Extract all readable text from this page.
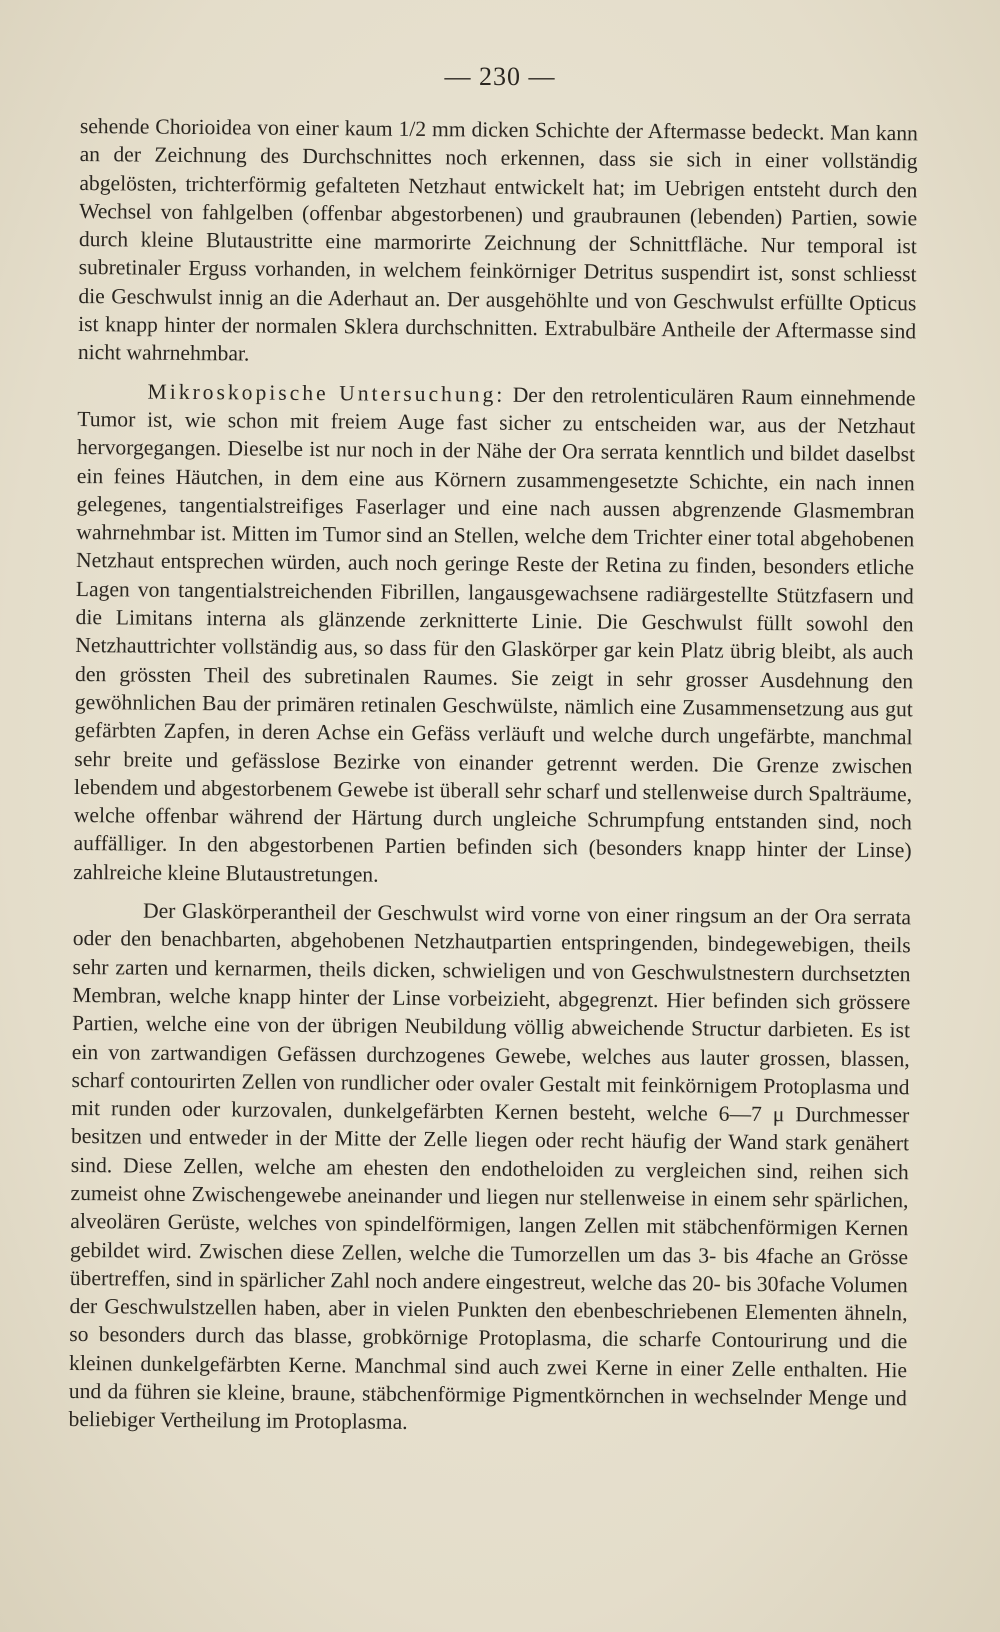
— 230 —

sehende Chorioidea von einer kaum 1/2 mm dicken Schichte der Aftermasse bedeckt. Man kann an der Zeichnung des Durchschnittes noch erkennen, dass sie sich in einer vollständig abgelösten, trichterförmig gefalteten Netzhaut entwickelt hat; im Uebrigen entsteht durch den Wechsel von fahlgelben (offenbar abgestorbenen) und graubraunen (lebenden) Partien, sowie durch kleine Blutaustritte eine marmorirte Zeichnung der Schnittfläche. Nur temporal ist subretinaler Erguss vorhanden, in welchem feinkörniger Detritus suspendirt ist, sonst schliesst die Geschwulst innig an die Aderhaut an. Der ausgehöhlte und von Geschwulst erfüllte Opticus ist knapp hinter der normalen Sklera durchschnitten. Extrabulbäre Antheile der Aftermasse sind nicht wahrnehmbar.

Mikroskopische Untersuchung: Der den retrolenticulären Raum einnehmende Tumor ist, wie schon mit freiem Auge fast sicher zu entscheiden war, aus der Netzhaut hervorgegangen. Dieselbe ist nur noch in der Nähe der Ora serrata kenntlich und bildet daselbst ein feines Häutchen, in dem eine aus Körnern zusammengesetzte Schichte, ein nach innen gelegenes, tangentialstreifiges Faserlager und eine nach aussen abgrenzende Glasmembran wahrnehmbar ist. Mitten im Tumor sind an Stellen, welche dem Trichter einer total abgehobenen Netzhaut entsprechen würden, auch noch geringe Reste der Retina zu finden, besonders etliche Lagen von tangentialstreichenden Fibrillen, langausgewachsene radiärgestellte Stützfasern und die Limitans interna als glänzende zerknitterte Linie. Die Geschwulst füllt sowohl den Netzhauttrichter vollständig aus, so dass für den Glaskörper gar kein Platz übrig bleibt, als auch den grössten Theil des subretinalen Raumes. Sie zeigt in sehr grosser Ausdehnung den gewöhnlichen Bau der primären retinalen Geschwülste, nämlich eine Zusammensetzung aus gut gefärbten Zapfen, in deren Achse ein Gefäss verläuft und welche durch ungefärbte, manchmal sehr breite und gefässlose Bezirke von einander getrennt werden. Die Grenze zwischen lebendem und abgestorbenem Gewebe ist überall sehr scharf und stellenweise durch Spalträume, welche offenbar während der Härtung durch ungleiche Schrumpfung entstanden sind, noch auffälliger. In den abgestorbenen Partien befinden sich (besonders knapp hinter der Linse) zahlreiche kleine Blutaustretungen.

Der Glaskörperantheil der Geschwulst wird vorne von einer ringsum an der Ora serrata oder den benachbarten, abgehobenen Netzhautpartien entspringenden, bindegewebigen, theils sehr zarten und kernarmen, theils dicken, schwieligen und von Geschwulstnestern durchsetzten Membran, welche knapp hinter der Linse vorbeizieht, abgegrenzt. Hier befinden sich grössere Partien, welche eine von der übrigen Neubildung völlig abweichende Structur darbieten. Es ist ein von zartwandigen Gefässen durchzogenes Gewebe, welches aus lauter grossen, blassen, scharf contourirten Zellen von rundlicher oder ovaler Gestalt mit feinkörnigem Protoplasma und mit runden oder kurzovalen, dunkelgefärbten Kernen besteht, welche 6—7 μ Durchmesser besitzen und entweder in der Mitte der Zelle liegen oder recht häufig der Wand stark genähert sind. Diese Zellen, welche am ehesten den endotheloiden zu vergleichen sind, reihen sich zumeist ohne Zwischengewebe aneinander und liegen nur stellenweise in einem sehr spärlichen, alveolären Gerüste, welches von spindelförmigen, langen Zellen mit stäbchenförmigen Kernen gebildet wird. Zwischen diese Zellen, welche die Tumorzellen um das 3- bis 4fache an Grösse übertreffen, sind in spärlicher Zahl noch andere eingestreut, welche das 20- bis 30fache Volumen der Geschwulstzellen haben, aber in vielen Punkten den ebenbeschriebenen Elementen ähneln, so besonders durch das blasse, grobkörnige Protoplasma, die scharfe Contourirung und die kleinen dunkelgefärbten Kerne. Manchmal sind auch zwei Kerne in einer Zelle enthalten. Hie und da führen sie kleine, braune, stäbchenförmige Pigmentkörnchen in wechselnder Menge und beliebiger Vertheilung im Protoplasma.
